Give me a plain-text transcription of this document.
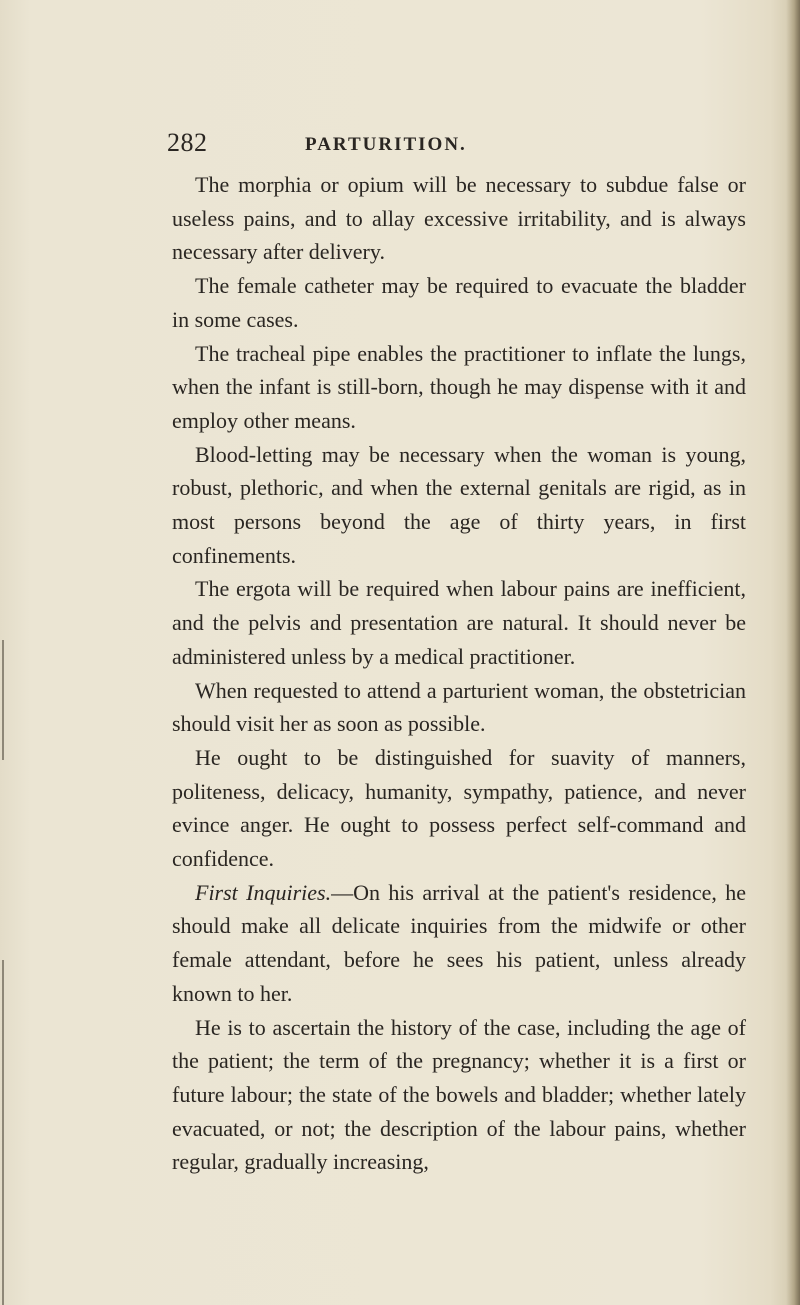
282	PARTURITION.

The morphia or opium will be necessary to subdue false or useless pains, and to allay excessive irritability, and is always necessary after delivery.

The female catheter may be required to evacuate the bladder in some cases.

The tracheal pipe enables the practitioner to inflate the lungs, when the infant is still-born, though he may dispense with it and employ other means.

Blood-letting may be necessary when the woman is young, robust, plethoric, and when the external genitals are rigid, as in most persons beyond the age of thirty years, in first confinements.

The ergota will be required when labour pains are inefficient, and the pelvis and presentation are natural. It should never be administered unless by a medical practitioner.

When requested to attend a parturient woman, the obstetrician should visit her as soon as possible.

He ought to be distinguished for suavity of manners, politeness, delicacy, humanity, sympathy, patience, and never evince anger. He ought to possess perfect self-command and confidence.

First Inquiries.—On his arrival at the patient's residence, he should make all delicate inquiries from the midwife or other female attendant, before he sees his patient, unless already known to her.

He is to ascertain the history of the case, including the age of the patient; the term of the pregnancy; whether it is a first or future labour; the state of the bowels and bladder; whether lately evacuated, or not; the description of the labour pains, whether regular, gradually increasing,
